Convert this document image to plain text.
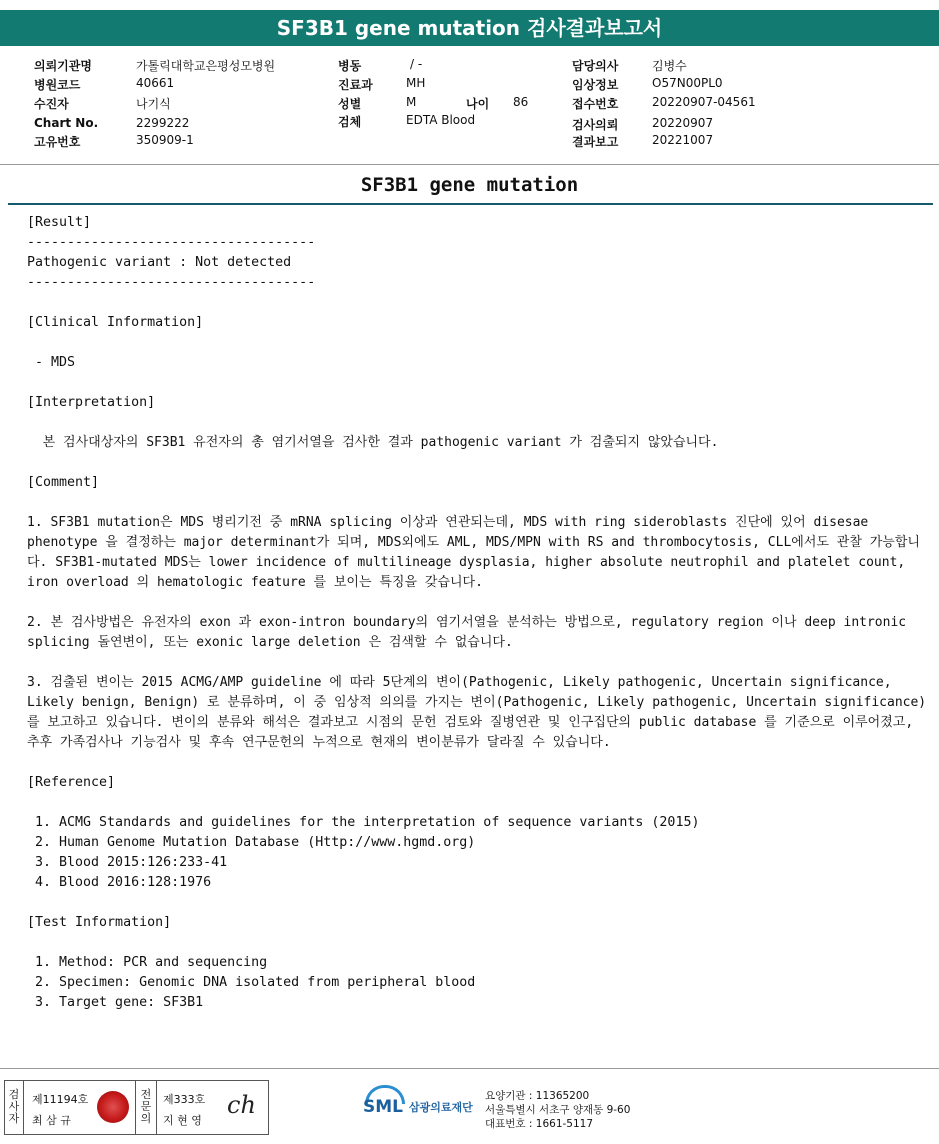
SF3B1 gene mutation 검사결과보고서
의뢰기관명	가톨릭대학교은평성모병원
병원코드	40661
수진자	나기식
Chart No.	2299222
고유번호	350909-1
병동	/ -
진료과	MH
성별	M	나이 86
검체	EDTA Blood
담당의사	김병수
임상정보	O57N00PL0
접수번호	20220907-04561
검사의뢰	20220907
결과보고	20221007
SF3B1 gene mutation
[Result]
------------------------------------
Pathogenic variant : Not detected
------------------------------------
[Clinical Information]
- MDS
[Interpretation]
본 검사대상자의 SF3B1 유전자의 총 염기서열을 검사한 결과 pathogenic variant 가 검출되지 않았습니다.
[Comment]
1. SF3B1 mutation은 MDS 병리기전 중 mRNA splicing 이상과 연관되는데, MDS with ring sideroblasts 진단에 있어 disesae phenotype 을 결정하는 major determinant가 되며, MDS외에도 AML, MDS/MPN with RS and thrombocytosis, CLL에서도 관찰 가능합니다. SF3B1-mutated MDS는 lower incidence of multilineage dysplasia, higher absolute neutrophil and platelet count, iron overload 의 hematologic feature 를 보이는 특징을 갖습니다.
2. 본 검사방법은 유전자의 exon 과 exon-intron boundary의 염기서열을 분석하는 방법으로, regulatory region 이나 deep intronic splicing 돌연변이, 또는 exonic large deletion 은 검색할 수 없습니다.
3. 검출된 변이는 2015 ACMG/AMP guideline 에 따라 5단계의 변이(Pathogenic, Likely pathogenic, Uncertain significance, Likely benign, Benign) 로 분류하며, 이 중 임상적 의의를 가지는 변이(Pathogenic, Likely pathogenic, Uncertain significance)를 보고하고 있습니다. 변이의 분류와 해석은 결과보고 시점의 문헌 검토와 질병연관 및 인구집단의 public database 를 기준으로 이루어졌고, 추후 가족검사나 기능검사 및 후속 연구문헌의 누적으로 현재의 변이분류가 달라질 수 있습니다.
[Reference]
1. ACMG Standards and guidelines for the interpretation of sequence variants (2015)
2. Human Genome Mutation Database (Http://www.hgmd.org)
3. Blood 2015:126:233-41
4. Blood 2016:128:1976
[Test Information]
1. Method: PCR and sequencing
2. Specimen: Genomic DNA isolated from peripheral blood
3. Target gene: SF3B1
검사자
제11194호
최 삼 규
전문의
제333호
지 현 영
ch	SML 삼광의료재단
요양기관 : 11365200
서울특별시 서초구 양재동 9-60
대표번호 : 1661-5117
